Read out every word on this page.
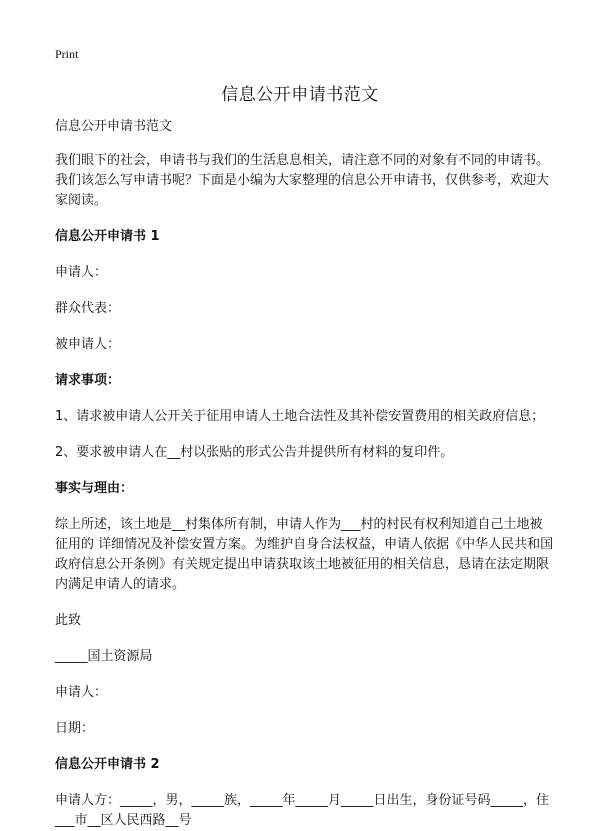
Print
信息公开申请书范文

信息公开申请书范文

我们眼下的社会，申请书与我们的生活息息相关，请注意不同的对象有不同的申请书。我们该怎么写申请书呢？下面是小编为大家整理的信息公开申请书，仅供参考，欢迎大家阅读。

信息公开申请书 1

申请人：

群众代表：

被申请人：

请求事项：

1、请求被申请人公开关于征用申请人土地合法性及其补偿安置费用的相关政府信息；

2、要求被申请人在__村以张贴的形式公告并提供所有材料的复印件。

事实与理由：

综上所述，该土地是__村集体所有制，申请人作为___村的村民有权利知道自己土地被征用的 详细情况及补偿安置方案。为维护自身合法权益，申请人依据《中华人民共和国政府信息公开条例》有关规定提出申请获取该土地被征用的相关信息，恳请在法定期限内满足申请人的请求。

此致

_____国土资源局

申请人：

日期：

信息公开申请书 2

申请人方：_____，男，_____族，_____年_____月_____日出生，身份证号码_____，住___市__区人民西路__号
